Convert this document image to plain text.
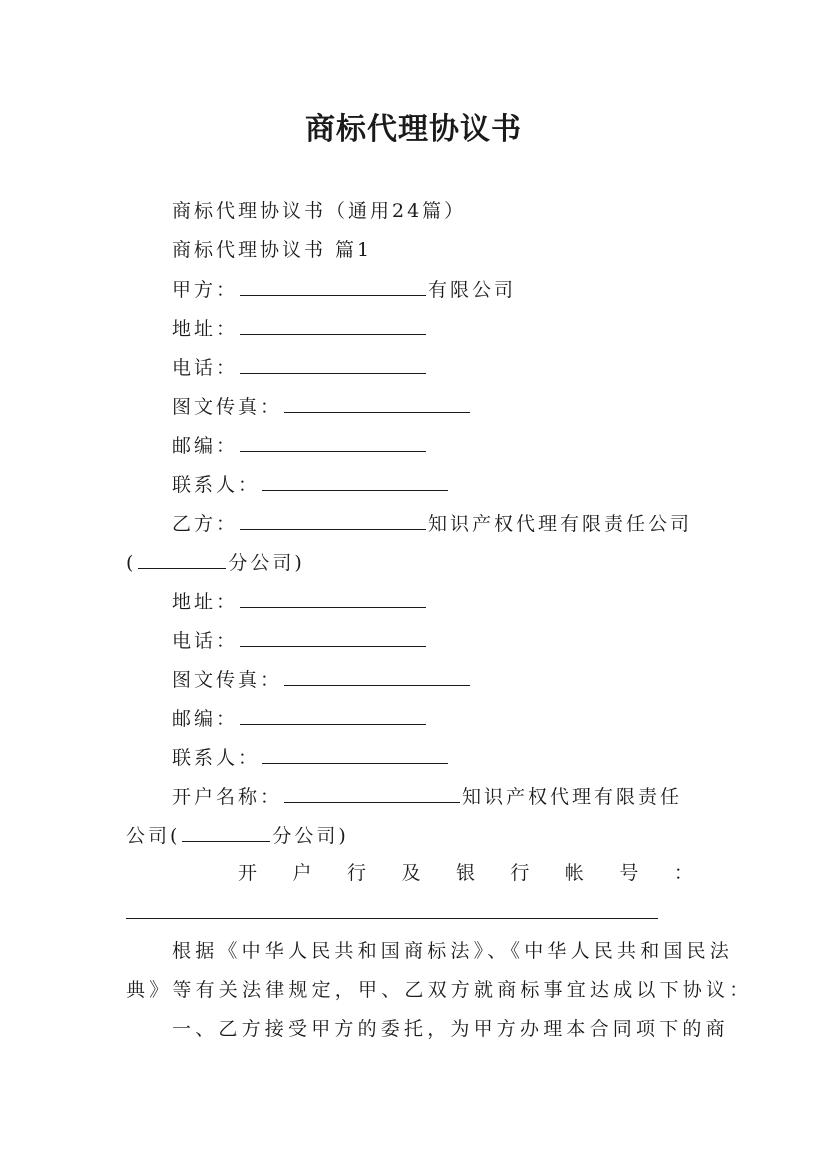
商标代理协议书
商标代理协议书（通用24篇）
商标代理协议书 篇1
甲方：	有限公司
地址：
电话：
图文传真：
邮编：
联系人：
乙方：	知识产权代理有限责任公司
(	分公司)
地址：
电话：
图文传真：
邮编：
联系人：
开户名称：	知识产权代理有限责任
公司(	分公司)
开 户 行 及 银 行 帐 号 ：
根据《中华人民共和国商标法》、《中华人民共和国民法
典》等有关法律规定，甲、乙双方就商标事宜达成以下协议：
一、乙方接受甲方的委托，为甲方办理本合同项下的商
